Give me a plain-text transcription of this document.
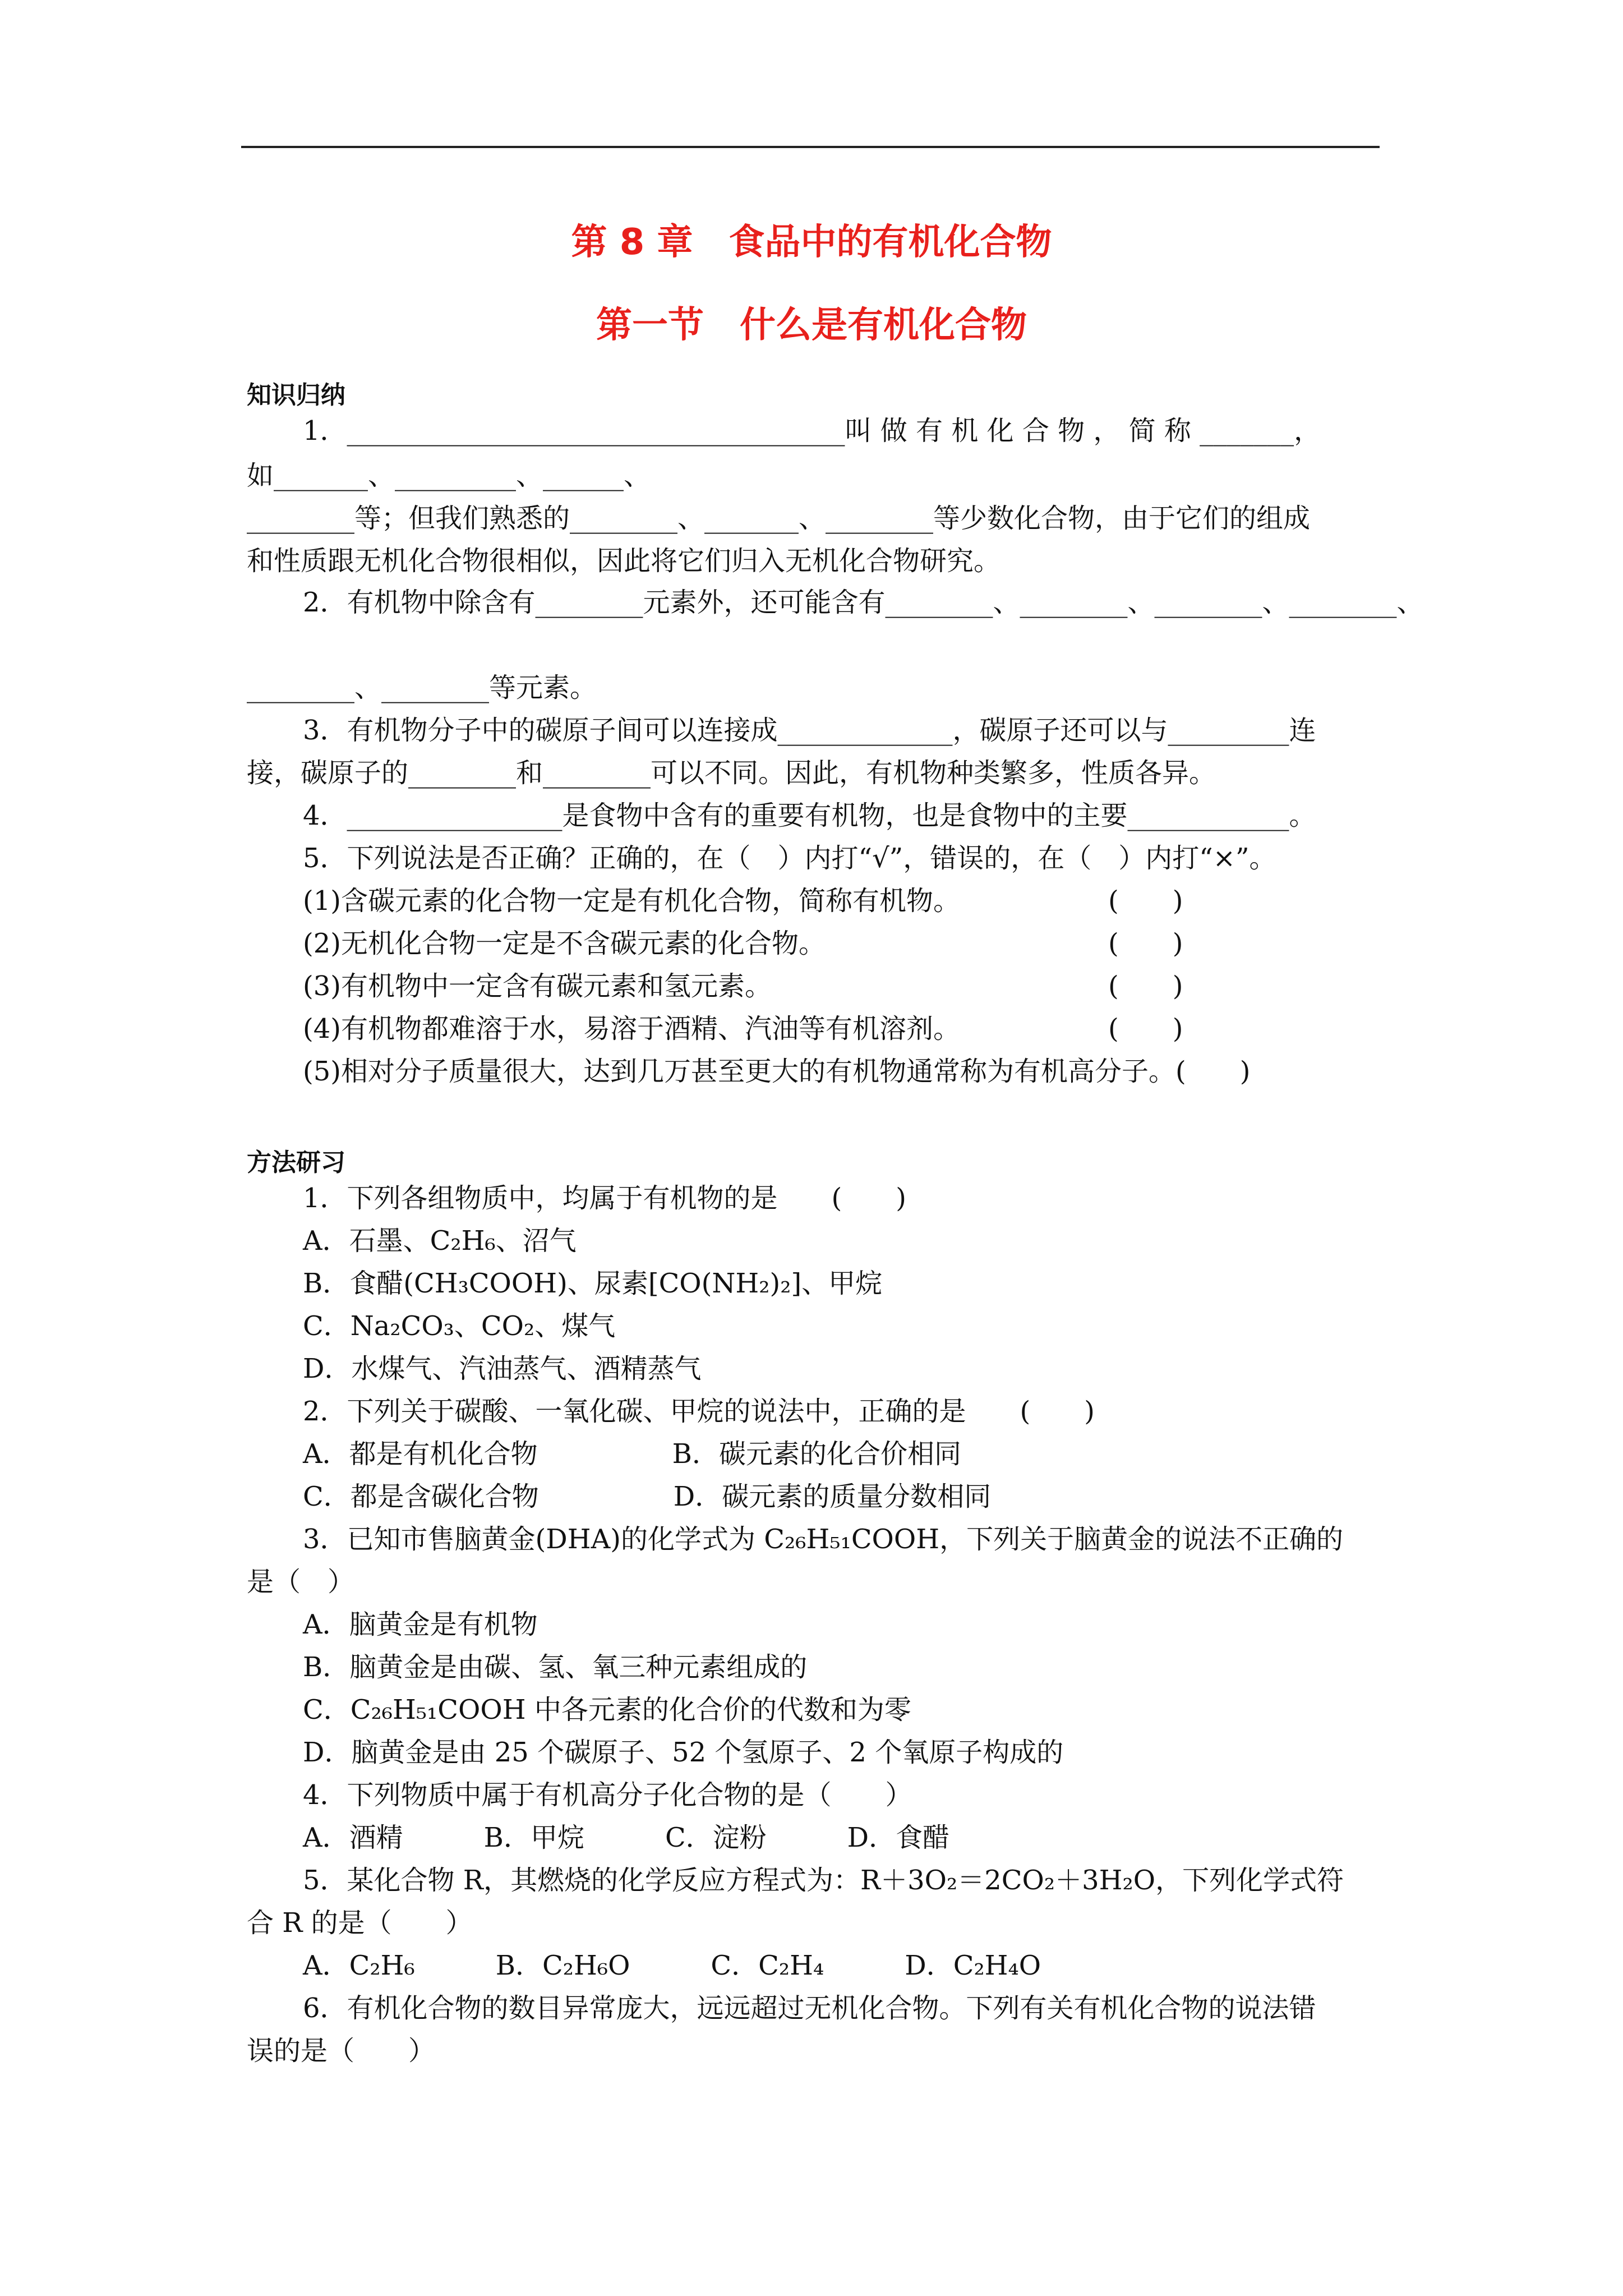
第 8 章　食品中的有机化合物
第一节　什么是有机化合物
知识归纳
1．_____________________________________叫 做 有 机 化 合 物 ， 简 称 _______，
如_______、_________、______、
________等；但我们熟悉的________、_______、________等少数化合物，由于它们的组成
和性质跟无机化合物很相似，因此将它们归入无机化合物研究。
2．有机物中除含有________元素外，还可能含有________、________、________、________、
________、________等元素。
3．有机物分子中的碳原子间可以连接成_____________，碳原子还可以与_________连
接，碳原子的________和________可以不同。因此，有机物种类繁多，性质各异。
4．________________是食物中含有的重要有机物，也是食物中的主要____________。
5．下列说法是否正确？正确的，在（　）内打“√”，错误的，在（　）内打“×”。
(1)含碳元素的化合物一定是有机化合物，简称有机物。　　　　　　(　　)
(2)无机化合物一定是不含碳元素的化合物。　　　　　　　　　　　(　　)
(3)有机物中一定含有碳元素和氢元素。　　　　　　　　　　　　　(　　)
(4)有机物都难溶于水，易溶于酒精、汽油等有机溶剂。　　　　　　(　　)
(5)相对分子质量很大，达到几万甚至更大的有机物通常称为有机高分子。(　　)
方法研习
1．下列各组物质中，均属于有机物的是　　(　　)
A．石墨、C₂H₆、沼气
B．食醋(CH₃COOH)、尿素[CO(NH₂)₂]、甲烷
C．Na₂CO₃、CO₂、煤气
D．水煤气、汽油蒸气、酒精蒸气
2．下列关于碳酸、一氧化碳、甲烷的说法中，正确的是　　(　　)
A．都是有机化合物　　　　　B．碳元素的化合价相同
C．都是含碳化合物　　　　　D．碳元素的质量分数相同
3．已知市售脑黄金(DHA)的化学式为 C₂₆H₅₁COOH，下列关于脑黄金的说法不正确的
是（　）
A．脑黄金是有机物
B．脑黄金是由碳、氢、氧三种元素组成的
C．C₂₆H₅₁COOH 中各元素的化合价的代数和为零
D．脑黄金是由 25 个碳原子、52 个氢原子、2 个氧原子构成的
4．下列物质中属于有机高分子化合物的是（　　）
A．酒精　　　B．甲烷　　　C．淀粉　　　D．食醋
5．某化合物 R，其燃烧的化学反应方程式为：R＋3O₂＝2CO₂＋3H₂O，下列化学式符
合 R 的是（　　）
A．C₂H₆　　　B．C₂H₆O　　　C．C₂H₄　　　D．C₂H₄O
6．有机化合物的数目异常庞大，远远超过无机化合物。下列有关有机化合物的说法错
误的是（　　）
